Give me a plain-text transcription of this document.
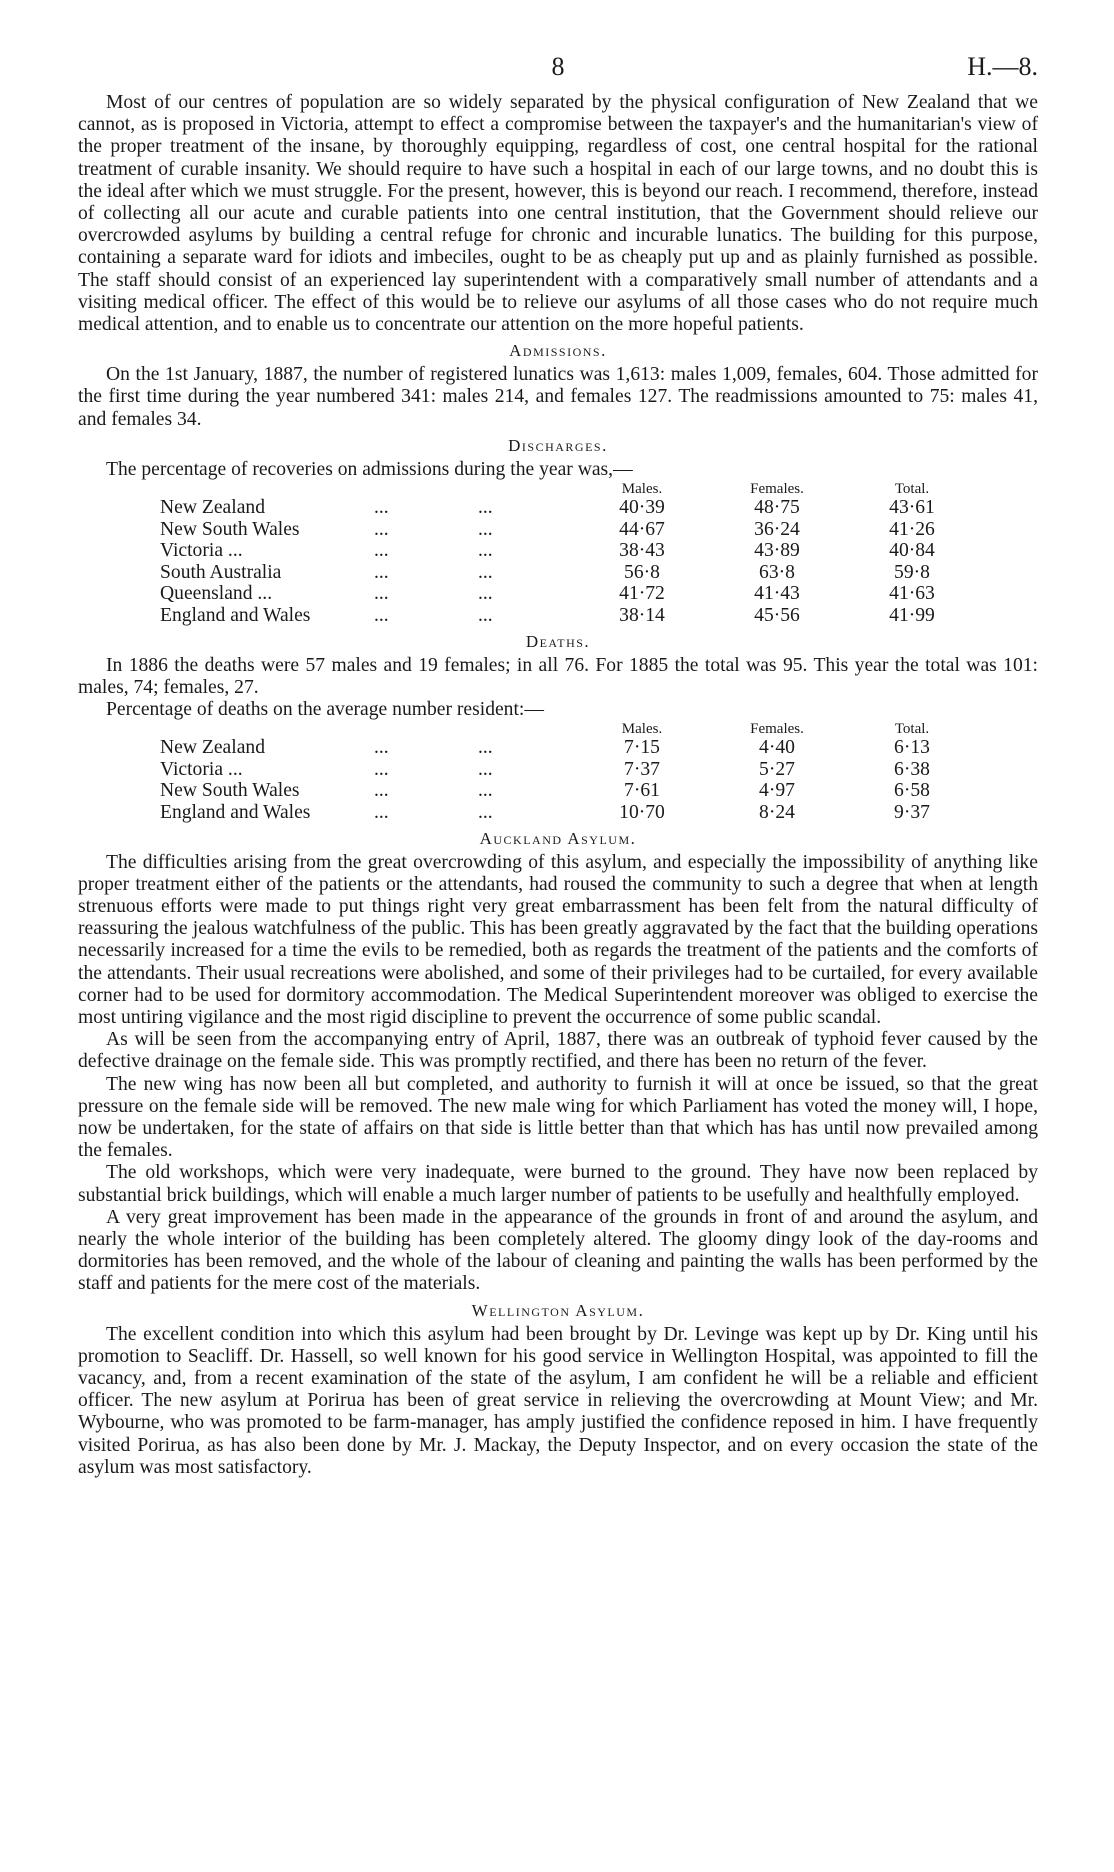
8	H.—8.

Most of our centres of population are so widely separated by the physical configuration of New Zealand that we cannot, as is proposed in Victoria, attempt to effect a compromise between the taxpayer's and the humanitarian's view of the proper treatment of the insane, by thoroughly equipping, regardless of cost, one central hospital for the rational treatment of curable insanity. We should require to have such a hospital in each of our large towns, and no doubt this is the ideal after which we must struggle. For the present, however, this is beyond our reach. I recommend, therefore, instead of collecting all our acute and curable patients into one central institution, that the Government should relieve our overcrowded asylums by building a central refuge for chronic and incurable lunatics. The building for this purpose, containing a separate ward for idiots and imbeciles, ought to be as cheaply put up and as plainly furnished as possible. The staff should consist of an experienced lay superintendent with a comparatively small number of attendants and a visiting medical officer. The effect of this would be to relieve our asylums of all those cases who do not require much medical attention, and to enable us to concentrate our attention on the more hopeful patients.

Admissions.

On the 1st January, 1887, the number of registered lunatics was 1,613: males 1,009, females, 604. Those admitted for the first time during the year numbered 341: males 214, and females 127. The readmissions amounted to 75: males 41, and females 34.

Discharges.

The percentage of recoveries on admissions during the year was,—

			Males.	Females.	Total.
New Zealand	...	...	40·39	48·75	43·61
New South Wales	...	...	44·67	36·24	41·26
Victoria ...	...	...	38·43	43·89	40·84
South Australia	...	...	56·8	63·8	59·8
Queensland ...	...	...	41·72	41·43	41·63
England and Wales	...	...	38·14	45·56	41·99
Deaths.

In 1886 the deaths were 57 males and 19 females; in all 76. For 1885 the total was 95. This year the total was 101: males, 74; females, 27.

Percentage of deaths on the average number resident:—

			Males.	Females.	Total.
New Zealand	...	...	7·15	4·40	6·13
Victoria ...	...	...	7·37	5·27	6·38
New South Wales	...	...	7·61	4·97	6·58
England and Wales	...	...	10·70	8·24	9·37
Auckland Asylum.

The difficulties arising from the great overcrowding of this asylum, and especially the impossibility of anything like proper treatment either of the patients or the attendants, had roused the community to such a degree that when at length strenuous efforts were made to put things right very great embarrassment has been felt from the natural difficulty of reassuring the jealous watchfulness of the public. This has been greatly aggravated by the fact that the building operations necessarily increased for a time the evils to be remedied, both as regards the treatment of the patients and the comforts of the attendants. Their usual recreations were abolished, and some of their privileges had to be curtailed, for every available corner had to be used for dormitory accommodation. The Medical Superintendent moreover was obliged to exercise the most untiring vigilance and the most rigid discipline to prevent the occurrence of some public scandal.

As will be seen from the accompanying entry of April, 1887, there was an outbreak of typhoid fever caused by the defective drainage on the female side. This was promptly rectified, and there has been no return of the fever.

The new wing has now been all but completed, and authority to furnish it will at once be issued, so that the great pressure on the female side will be removed. The new male wing for which Parliament has voted the money will, I hope, now be undertaken, for the state of affairs on that side is little better than that which has has until now prevailed among the females.

The old workshops, which were very inadequate, were burned to the ground. They have now been replaced by substantial brick buildings, which will enable a much larger number of patients to be usefully and healthfully employed.

A very great improvement has been made in the appearance of the grounds in front of and around the asylum, and nearly the whole interior of the building has been completely altered. The gloomy dingy look of the day-rooms and dormitories has been removed, and the whole of the labour of cleaning and painting the walls has been performed by the staff and patients for the mere cost of the materials.

Wellington Asylum.

The excellent condition into which this asylum had been brought by Dr. Levinge was kept up by Dr. King until his promotion to Seacliff. Dr. Hassell, so well known for his good service in Wellington Hospital, was appointed to fill the vacancy, and, from a recent examination of the state of the asylum, I am confident he will be a reliable and efficient officer. The new asylum at Porirua has been of great service in relieving the overcrowding at Mount View; and Mr. Wybourne, who was promoted to be farm-manager, has amply justified the confidence reposed in him. I have frequently visited Porirua, as has also been done by Mr. J. Mackay, the Deputy Inspector, and on every occasion the state of the asylum was most satisfactory.
